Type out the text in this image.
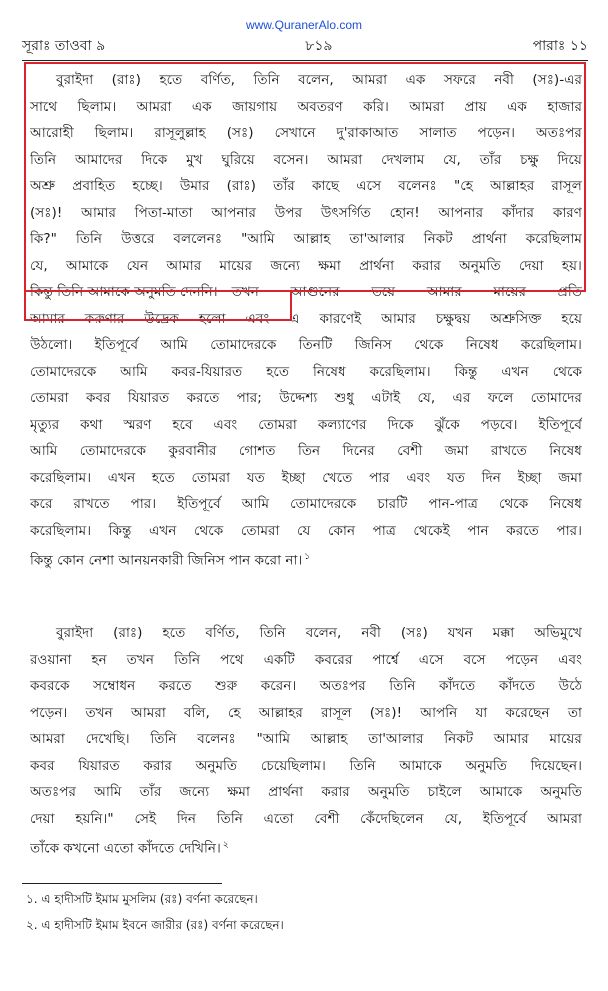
www.QuranerAlo.com
সূরাঃ তাওবা ৯	৮১৯	পারাঃ ১১
বুরাইদা (রাঃ) হতে বর্ণিত, তিনি বলেন, আমরা এক সফরে নবী (সঃ)-এর
সাথে ছিলাম। আমরা এক জায়গায় অবতরণ করি। আমরা প্রায় এক হাজার
আরোহী ছিলাম। রাসূলুল্লাহ (সঃ) সেখানে দু'রাকাআত সালাত পড়েন। অতঃপর
তিনি আমাদের দিকে মুখ ঘুরিয়ে বসেন। আমরা দেখলাম যে, তাঁর চক্ষু দিয়ে
অশ্রু প্রবাহিত হচ্ছে। উমার (রাঃ) তাঁর কাছে এসে বলেনঃ "হে আল্লাহর রাসূল
(সঃ)! আমার পিতা-মাতা আপনার উপর উৎসর্গিত হোন! আপনার কাঁদার কারণ
কি?" তিনি উত্তরে বললেনঃ "আমি আল্লাহ তা'আলার নিকট প্রার্থনা করেছিলাম
যে, আমাকে যেন আমার মায়ের জন্যে ক্ষমা প্রার্থনা করার অনুমতি দেয়া হয়।
কিন্তু তিনি আমাকে অনুমতি দেননি। তখন আগুনের ভয়ে আমার মায়ের প্রতি
আমার করুণার উদ্রেক হলো এবং এ কারণেই আমার চক্ষুদ্বয় অশ্রুসিক্ত হয়ে
উঠলো। ইতিপূর্বে আমি তোমাদেরকে তিনটি জিনিস থেকে নিষেধ করেছিলাম।
তোমাদেরকে আমি কবর-যিয়ারত হতে নিষেধ করেছিলাম। কিন্তু এখন থেকে
তোমরা কবর যিয়ারত করতে পার; উদ্দেশ্য শুধু এটাই যে, এর ফলে তোমাদের
মৃত্যুর কথা স্মরণ হবে এবং তোমরা কল্যাণের দিকে ঝুঁকে পড়বে। ইতিপূর্বে
আমি তোমাদেরকে কুরবানীর গোশত তিন দিনের বেশী জমা রাখতে নিষেধ
করেছিলাম। এখন হতে তোমরা যত ইচ্ছা খেতে পার এবং যত দিন ইচ্ছা জমা
করে রাখতে পার। ইতিপূর্বে আমি তোমাদেরকে চারটি পান-পাত্র থেকে নিষেধ
করেছিলাম। কিন্তু এখন থেকে তোমরা যে কোন পাত্র থেকেই পান করতে পার।
কিন্তু কোন নেশা আনয়নকারী জিনিস পান করো না। $^১$
বুরাইদা (রাঃ) হতে বর্ণিত, তিনি বলেন, নবী (সঃ) যখন মক্কা অভিমুখে
রওয়ানা হন তখন তিনি পথে একটি কবরের পার্শ্বে এসে বসে পড়েন এবং
কবরকে সম্বোধন করতে শুরু করেন। অতঃপর তিনি কাঁদতে কাঁদতে উঠে
পড়েন। তখন আমরা বলি, হে আল্লাহর রাসূল (সঃ)! আপনি যা করেছেন তা
আমরা দেখেছি। তিনি বলেনঃ "আমি আল্লাহ তা'আলার নিকট আমার মায়ের
কবর যিয়ারত করার অনুমতি চেয়েছিলাম। তিনি আমাকে অনুমতি দিয়েছেন।
অতঃপর আমি তাঁর জন্যে ক্ষমা প্রার্থনা করার অনুমতি চাইলে আমাকে অনুমতি
দেয়া হয়নি।" সেই দিন তিনি এতো বেশী কেঁদেছিলেন যে, ইতিপূর্বে আমরা
তাঁকে কখনো এতো কাঁদতে দেখিনি। $^২$
১. এ হাদীসটি ইমাম মুসলিম (রঃ) বর্ণনা করেছেন।
২. এ হাদীসটি ইমাম ইবনে জারীর (রঃ) বর্ণনা করেছেন।
